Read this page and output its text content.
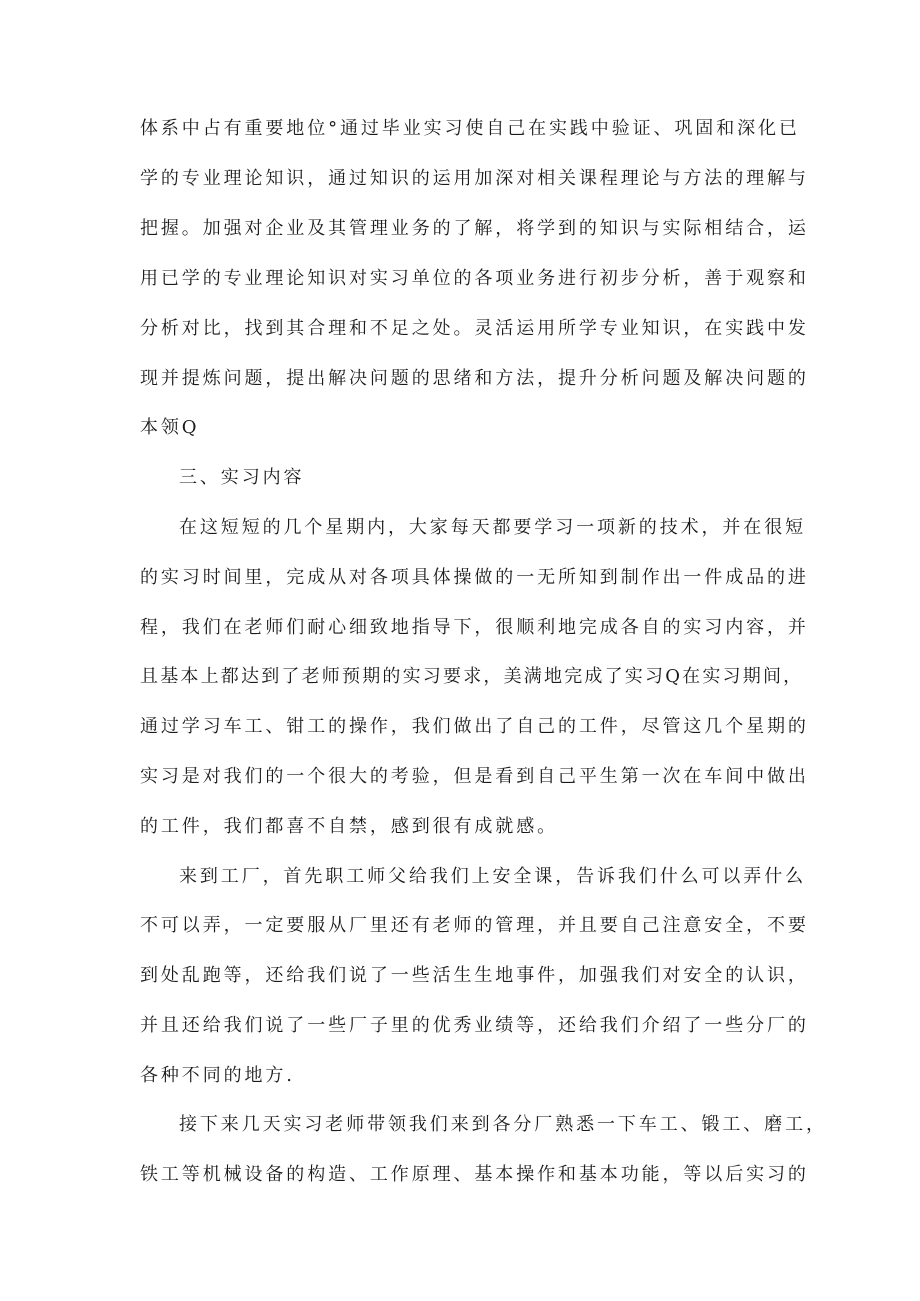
体系中占有重要地位°通过毕业实习使自己在实践中验证、巩固和深化已

学的专业理论知识，通过知识的运用加深对相关课程理论与方法的理解与

把握。加强对企业及其管理业务的了解，将学到的知识与实际相结合，运

用已学的专业理论知识对实习单位的各项业务进行初步分析，善于观察和

分析对比，找到其合理和不足之处。灵活运用所学专业知识，在实践中发

现并提炼问题，提出解决问题的思绪和方法，提升分析问题及解决问题的

本领Q

三、实习内容

在这短短的几个星期内，大家每天都要学习一项新的技术，并在很短

的实习时间里，完成从对各项具体操做的一无所知到制作出一件成品的进

程，我们在老师们耐心细致地指导下，很顺利地完成各自的实习内容，并

且基本上都达到了老师预期的实习要求，美满地完成了实习Q在实习期间，

通过学习车工、钳工的操作，我们做出了自己的工件，尽管这几个星期的

实习是对我们的一个很大的考验，但是看到自己平生第一次在车间中做出

的工件，我们都喜不自禁，感到很有成就感。

来到工厂，首先职工师父给我们上安全课，告诉我们什么可以弄什么

不可以弄，一定要服从厂里还有老师的管理，并且要自己注意安全，不要

到处乱跑等，还给我们说了一些活生生地事件，加强我们对安全的认识，

并且还给我们说了一些厂子里的优秀业绩等，还给我们介绍了一些分厂的

各种不同的地方.

接下来几天实习老师带领我们来到各分厂熟悉一下车工、锻工、磨工，

铁工等机械设备的构造、工作原理、基本操作和基本功能，等以后实习的
